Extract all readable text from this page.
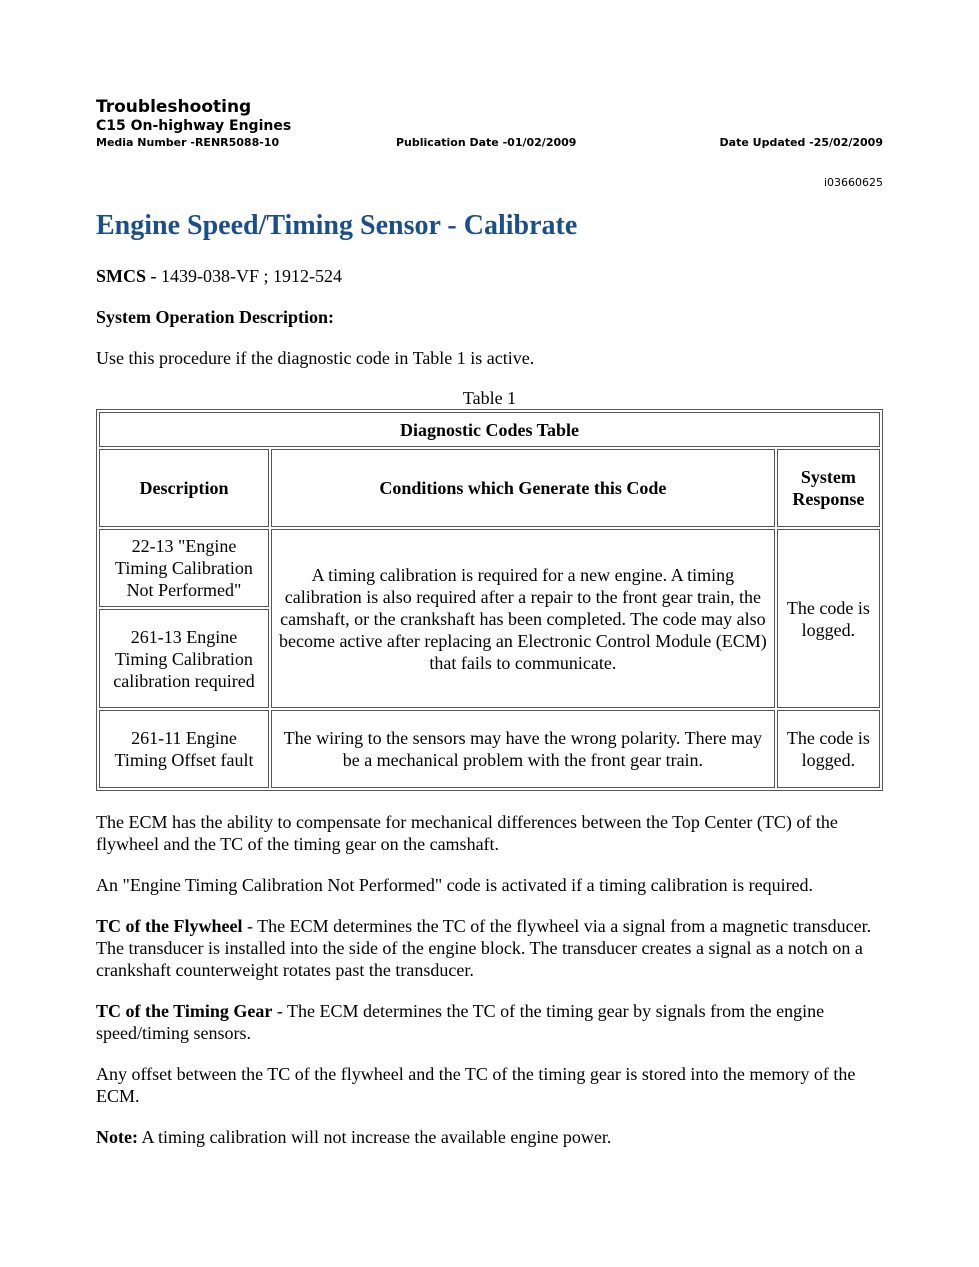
Troubleshooting
C15 On-highway Engines
Media Number -RENR5088-10	Publication Date -01/02/2009	Date Updated -25/02/2009
i03660625
Engine Speed/Timing Sensor - Calibrate

SMCS - 1439-038-VF ; 1912-524

System Operation Description:

Use this procedure if the diagnostic code in Table 1 is active.

Table 1

Diagnostic Codes Table		
Description	Conditions which Generate this Code	System
Response
22-13 "Engine Timing Calibration Not Performed"	A timing calibration is required for a new engine. A timing calibration is also required after a repair to the front gear train, the camshaft, or the crankshaft has been completed. The code may also become active after replacing an Electronic Control Module (ECM) that fails to communicate.	The code is logged.
261-13 Engine Timing Calibration calibration required		
261-11 Engine Timing Offset fault	The wiring to the sensors may have the wrong polarity. There may be a mechanical problem with the front gear train.	The code is logged.

The ECM has the ability to compensate for mechanical differences between the Top Center (TC) of the flywheel and the TC of the timing gear on the camshaft.

An "Engine Timing Calibration Not Performed" code is activated if a timing calibration is required.

TC of the Flywheel - The ECM determines the TC of the flywheel via a signal from a magnetic transducer. The transducer is installed into the side of the engine block. The transducer creates a signal as a notch on a crankshaft counterweight rotates past the transducer.

TC of the Timing Gear - The ECM determines the TC of the timing gear by signals from the engine speed/timing sensors.

Any offset between the TC of the flywheel and the TC of the timing gear is stored into the memory of the ECM.

Note: A timing calibration will not increase the available engine power.
